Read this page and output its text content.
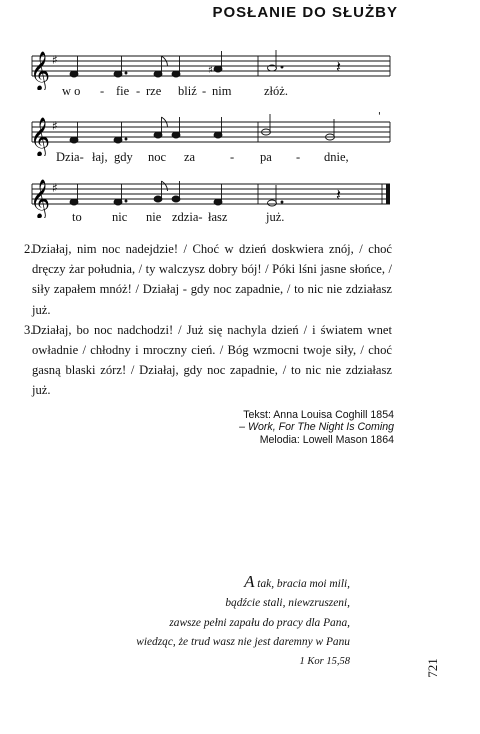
POSŁANIE DO SŁUŻBY
𝄞 ♯
♯	𝄽
w o - fie - rze bliź - nim	złóż.
𝄞 ♯
'
Dzia- łaj, gdy noc za	- pa - dnie,
𝄞 ♯	𝄽
to nic nie zdzia- łasz	już.

2.Działaj, nim noc nadejdzie! / Choć w dzień doskwiera znój, / choć dręczy żar południa, / ty walczysz dobry bój! / Póki lśni jasne słońce, / siły zapałem mnóż! / Działaj - gdy noc zapadnie, / to nic nie zdziałasz już.

3.Działaj, bo noc nadchodzi! / Już się nachyla dzień / i światem wnet owładnie / chłodny i mroczny cień. / Bóg wzmocni twoje siły, / choć gasną blaski zórz! / Działaj, gdy noc zapadnie, / to nic nie zdziałasz już.

Tekst: Anna Louisa Coghill 1854
– Work, For The Night Is Coming
Melodia: Lowell Mason 1864
A tak, bracia moi mili,
bądźcie stali, niewzruszeni,
zawsze pełni zapału do pracy dla Pana,
wiedząc, że trud wasz nie jest daremny w Panu
1 Kor 15,58	721
